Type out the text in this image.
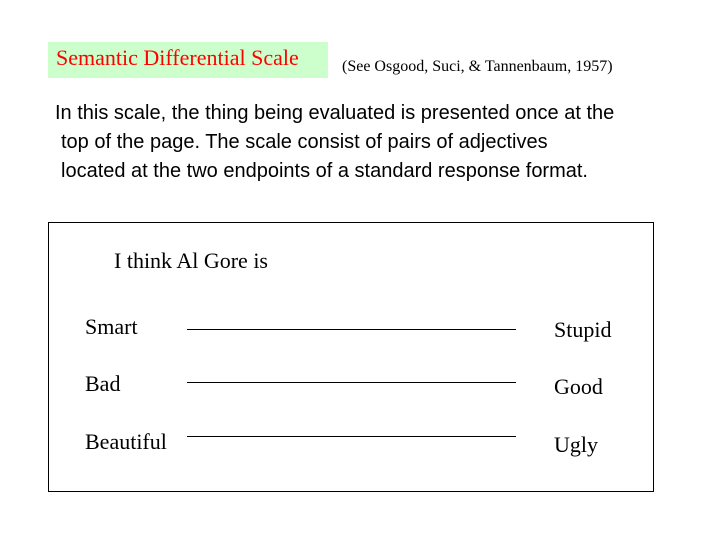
Semantic Differential Scale	(See Osgood, Suci, & Tannenbaum, 1957)
In this scale, the thing being evaluated is presented once at the
top of the page. The scale consist of pairs of adjectives
located at the two endpoints of a standard response format.
I think Al Gore is
Smart	Stupid
Bad	Good
Beautiful	Ugly
